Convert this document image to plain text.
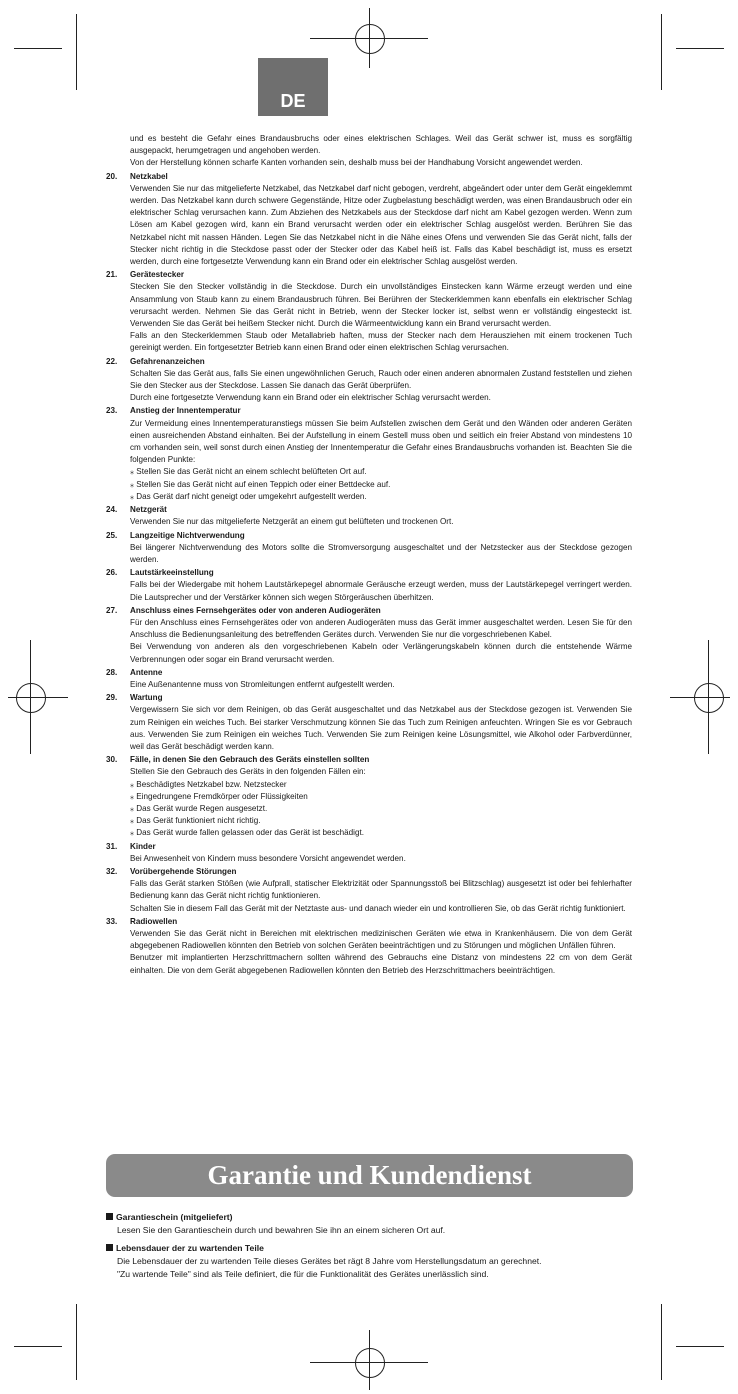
DE

und es besteht die Gefahr eines Brandausbruchs oder eines elektrischen Schlages. Weil das Gerät schwer ist, muss es sorgfältig ausgepackt, herumgetragen und angehoben werden.

Von der Herstellung können scharfe Kanten vorhanden sein, deshalb muss bei der Handhabung Vorsicht angewendet werden.

20.	Netzkabel

Verwenden Sie nur das mitgelieferte Netzkabel, das Netzkabel darf nicht gebogen, verdreht, abgeändert oder unter dem Gerät eingeklemmt werden. Das Netzkabel kann durch schwere Gegenstände, Hitze oder Zugbelastung beschädigt werden, was einen Brandausbruch oder ein elektrischer Schlag verursachen kann. Zum Abziehen des Netzkabels aus der Steckdose darf nicht am Kabel gezogen werden. Wenn zum Lösen am Kabel gezogen wird, kann ein Brand verursacht werden oder ein elektrischer Schlag ausgelöst werden. Berühren Sie das Netzkabel nicht mit nassen Händen. Legen Sie das Netzkabel nicht in die Nähe eines Ofens und verwenden Sie das Gerät nicht, falls der Stecker nicht richtig in die Steckdose passt oder der Stecker oder das Kabel heiß ist. Falls das Kabel beschädigt ist, muss es ersetzt werden, durch eine fortgesetzte Verwendung kann ein Brand oder ein elektrischer Schlag ausgelöst werden.

21.	Gerätestecker

Stecken Sie den Stecker vollständig in die Steckdose. Durch ein unvollständiges Einstecken kann Wärme erzeugt werden und eine Ansammlung von Staub kann zu einem Brandausbruch führen. Bei Berühren der Steckerklemmen kann ebenfalls ein elektrischer Schlag verursacht werden. Nehmen Sie das Gerät nicht in Betrieb, wenn der Stecker locker ist, selbst wenn er vollständig eingesteckt ist. Verwenden Sie das Gerät bei heißem Stecker nicht. Durch die Wärmeentwicklung kann ein Brand verursacht werden.

Falls an den Steckerklemmen Staub oder Metallabrieb haften, muss der Stecker nach dem Herausziehen mit einem trockenen Tuch gereinigt werden. Ein fortgesetzter Betrieb kann einen Brand oder einen elektrischen Schlag verursachen.

22.	Gefahrenanzeichen

Schalten Sie das Gerät aus, falls Sie einen ungewöhnlichen Geruch, Rauch oder einen anderen abnormalen Zustand feststellen und ziehen Sie den Stecker aus der Steckdose. Lassen Sie danach das Gerät überprüfen.

Durch eine fortgesetzte Verwendung kann ein Brand oder ein elektrischer Schlag verursacht werden.

23.	Anstieg der Innentemperatur

Zur Vermeidung eines Innentemperaturanstiegs müssen Sie beim Aufstellen zwischen dem Gerät und den Wänden oder anderen Geräten einen ausreichenden Abstand einhalten. Bei der Aufstellung in einem Gestell muss oben und seitlich ein freier Abstand von mindestens 10 cm vorhanden sein, weil sonst durch einen Anstieg der Innentemperatur die Gefahr eines Brandausbruchs vorhanden ist. Beachten Sie die folgenden Punkte:

⁎ Stellen Sie das Gerät nicht an einem schlecht belüfteten Ort auf.
⁎ Stellen Sie das Gerät nicht auf einen Teppich oder einer Bettdecke auf.
⁎ Das Gerät darf nicht geneigt oder umgekehrt aufgestellt werden.
24.	Netzgerät

Verwenden Sie nur das mitgelieferte Netzgerät an einem gut belüfteten und trockenen Ort.

25.	Langzeitige Nichtverwendung

Bei längerer Nichtverwendung des Motors sollte die Stromversorgung ausgeschaltet und der Netzstecker aus der Steckdose gezogen werden.

26.	Lautstärkeeinstellung

Falls bei der Wiedergabe mit hohem Lautstärkepegel abnormale Geräusche erzeugt werden, muss der Lautstärkepegel verringert werden. Die Lautsprecher und der Verstärker können sich wegen Störgeräuschen überhitzen.

27.	Anschluss eines Fernsehgerätes oder von anderen Audiogeräten

Für den Anschluss eines Fernsehgerätes oder von anderen Audiogeräten muss das Gerät immer ausgeschaltet werden. Lesen Sie für den Anschluss die Bedienungsanleitung des betreffenden Gerätes durch. Verwenden Sie nur die vorgeschriebenen Kabel.

Bei Verwendung von anderen als den vorgeschriebenen Kabeln oder Verlängerungskabeln können durch die entstehende Wärme Verbrennungen oder sogar ein Brand verursacht werden.

28.	Antenne

Eine Außenantenne muss von Stromleitungen entfernt aufgestellt werden.

29.	Wartung

Vergewissern Sie sich vor dem Reinigen, ob das Gerät ausgeschaltet und das Netzkabel aus der Steckdose gezogen ist. Verwenden Sie zum Reinigen ein weiches Tuch. Bei starker Verschmutzung können Sie das Tuch zum Reinigen anfeuchten. Wringen Sie es vor Gebrauch aus. Verwenden Sie zum Reinigen ein weiches Tuch. Verwenden Sie zum Reinigen keine Lösungsmittel, wie Alkohol oder Farbverdünner, weil das Gerät beschädigt werden kann.

30.	Fälle, in denen Sie den Gebrauch des Geräts einstellen sollten

Stellen Sie den Gebrauch des Geräts in den folgenden Fällen ein:

⁎ Beschädigtes Netzkabel bzw. Netzstecker
⁎ Eingedrungene Fremdkörper oder Flüssigkeiten
⁎ Das Gerät wurde Regen ausgesetzt.
⁎ Das Gerät funktioniert nicht richtig.
⁎ Das Gerät wurde fallen gelassen oder das Gerät ist beschädigt.
31.	Kinder

Bei Anwesenheit von Kindern muss besondere Vorsicht angewendet werden.

32.	Vorübergehende Störungen

Falls das Gerät starken Stößen (wie Aufprall, statischer Elektrizität oder Spannungsstoß bei Blitzschlag) ausgesetzt ist oder bei fehlerhafter Bedienung kann das Gerät nicht richtig funktionieren.

Schalten Sie in diesem Fall das Gerät mit der Netztaste aus- und danach wieder ein und kontrollieren Sie, ob das Gerät richtig funktioniert.

33.	Radiowellen

Verwenden Sie das Gerät nicht in Bereichen mit elektrischen medizinischen Geräten wie etwa in Krankenhäusern. Die von dem Gerät abgegebenen Radiowellen könnten den Betrieb von solchen Geräten beeinträchtigen und zu Störungen und möglichen Unfällen führen.

Benutzer mit implantierten Herzschrittmachern sollten während des Gebrauchs eine Distanz von mindestens 22 cm von dem Gerät einhalten. Die von dem Gerät abgegebenen Radiowellen könnten den Betrieb des Herzschrittmachers beeinträchtigen.

Garantie und Kundendienst
Garantieschein (mitgeliefert)
Lesen Sie den Garantieschein durch und bewahren Sie ihn an einem sicheren Ort auf.
Lebensdauer der zu wartenden Teile
Die Lebensdauer der zu wartenden Teile dieses Gerätes bet rägt 8 Jahre vom Herstellungsdatum an gerechnet.
"Zu wartende Teile" sind als Teile definiert, die für die Funktionalität des Gerätes unerlässlich sind.
